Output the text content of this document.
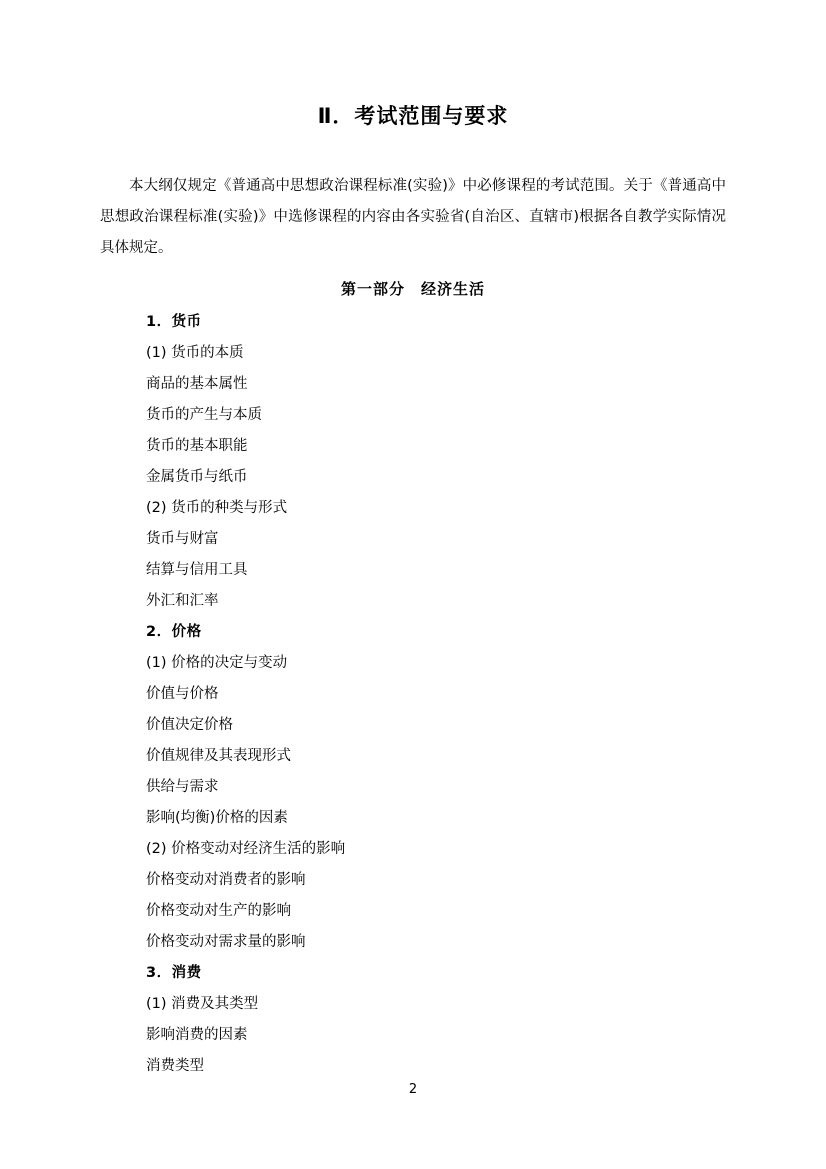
Ⅱ．考试范围与要求

本大纲仅规定《普通高中思想政治课程标准(实验)》中必修课程的考试范围。关于《普通高中思想政治课程标准(实验)》中选修课程的内容由各实验省(自治区、直辖市)根据各自教学实际情况具体规定。

第一部分　经济生活
1．货币
(1) 货币的本质
商品的基本属性
货币的产生与本质
货币的基本职能
金属货币与纸币
(2) 货币的种类与形式
货币与财富
结算与信用工具
外汇和汇率
2．价格
(1) 价格的决定与变动
价值与价格
价值决定价格
价值规律及其表现形式
供给与需求
影响(均衡)价格的因素
(2) 价格变动对经济生活的影响
价格变动对消费者的影响
价格变动对生产的影响
价格变动对需求量的影响
3．消费
(1) 消费及其类型
影响消费的因素
消费类型
2
